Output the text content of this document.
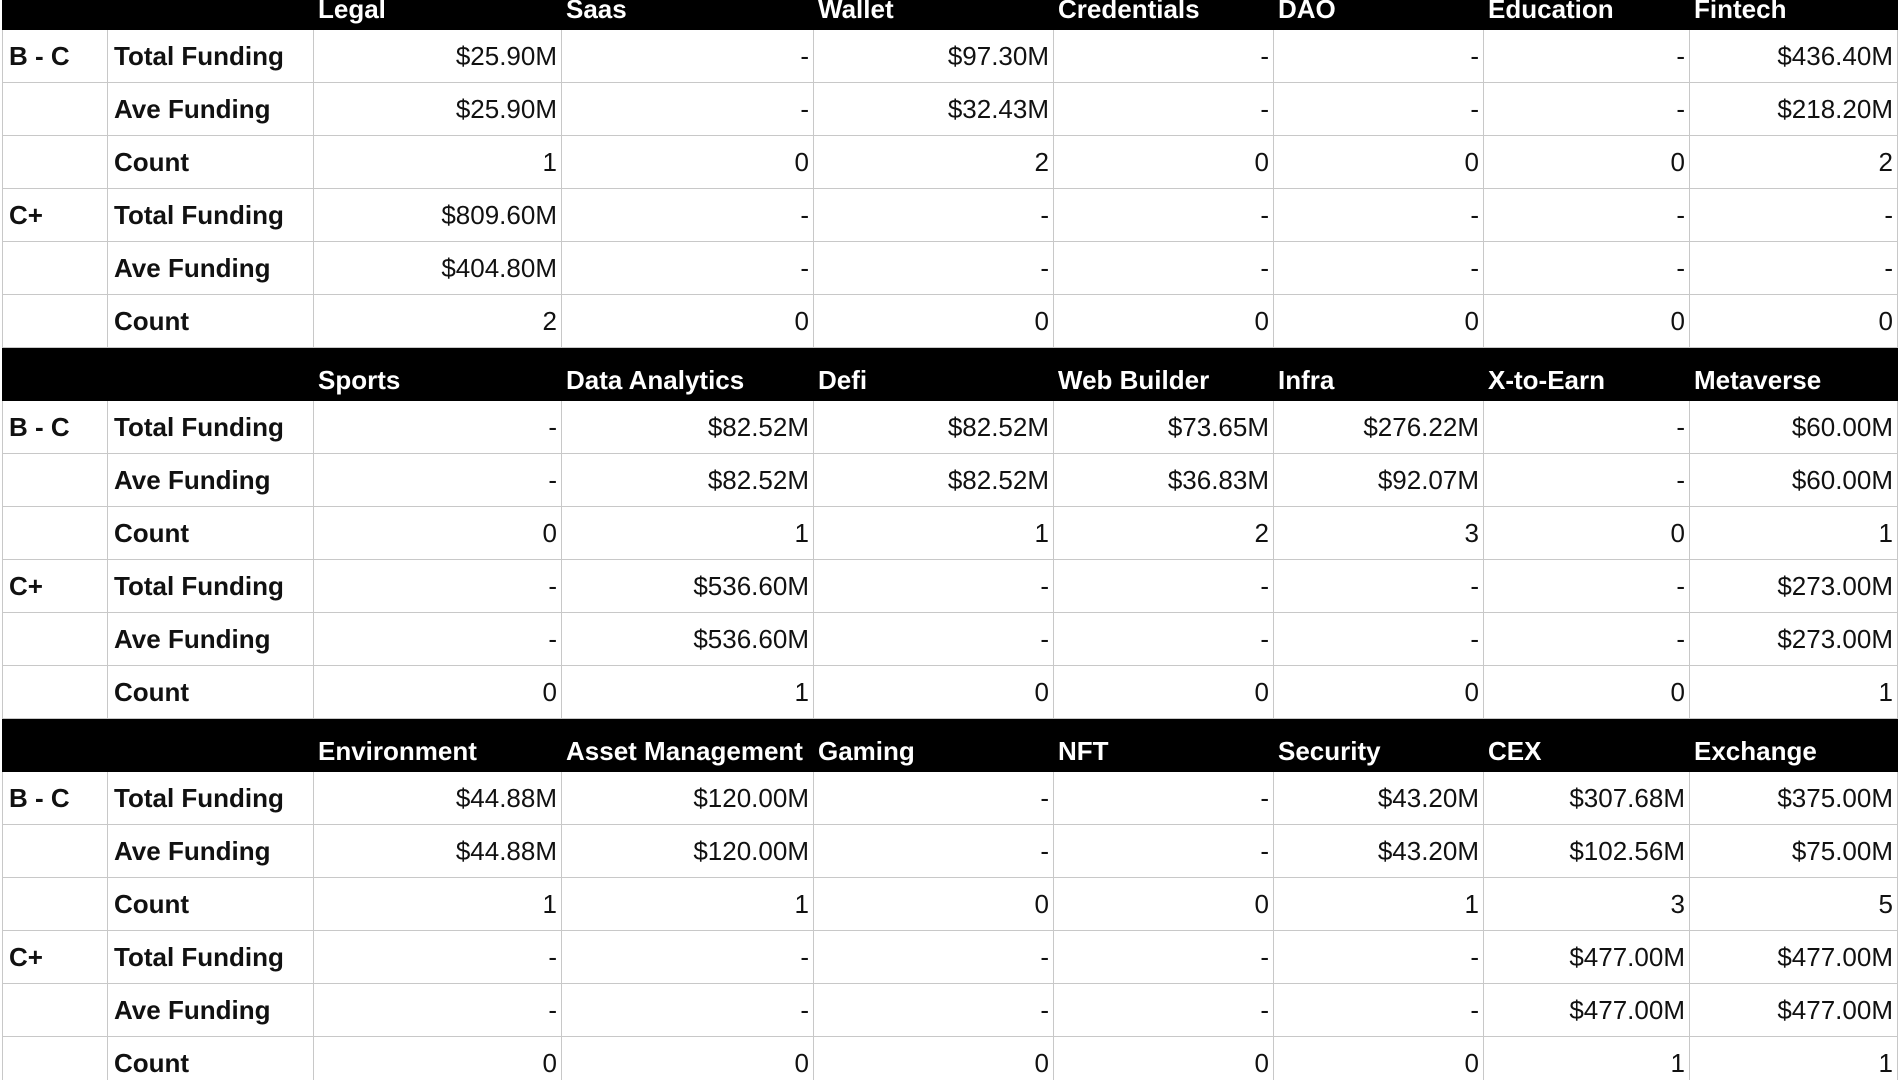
		Legal	Saas	Wallet	Credentials	DAO	Education	Fintech
B - C	Total Funding	$25.90M	-	$97.30M	-	-	-	$436.40M
	Ave Funding	$25.90M	-	$32.43M	-	-	-	$218.20M
	Count	1	0	2	0	0	0	2
C+	Total Funding	$809.60M	-	-	-	-	-	-
	Ave Funding	$404.80M	-	-	-	-	-	-
	Count	2	0	0	0	0	0	0
		Sports	Data Analytics	Defi	Web Builder	Infra	X-to-Earn	Metaverse
B - C	Total Funding	-	$82.52M	$82.52M	$73.65M	$276.22M	-	$60.00M
	Ave Funding	-	$82.52M	$82.52M	$36.83M	$92.07M	-	$60.00M
	Count	0	1	1	2	3	0	1
C+	Total Funding	-	$536.60M	-	-	-	-	$273.00M
	Ave Funding	-	$536.60M	-	-	-	-	$273.00M
	Count	0	1	0	0	0	0	1
		Environment	Asset Management	Gaming	NFT	Security	CEX	Exchange
B - C	Total Funding	$44.88M	$120.00M	-	-	$43.20M	$307.68M	$375.00M
	Ave Funding	$44.88M	$120.00M	-	-	$43.20M	$102.56M	$75.00M
	Count	1	1	0	0	1	3	5
C+	Total Funding	-	-	-	-	-	$477.00M	$477.00M
	Ave Funding	-	-	-	-	-	$477.00M	$477.00M
	Count	0	0	0	0	0	1	1
